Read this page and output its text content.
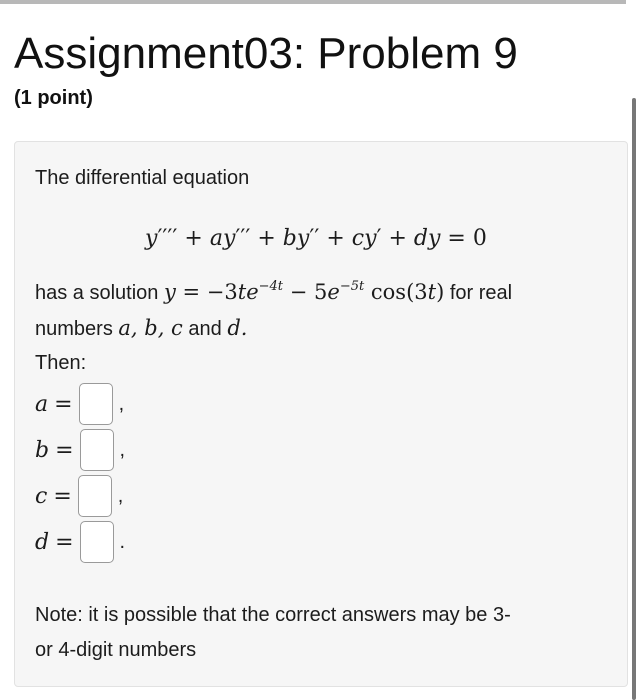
Assignment03: Problem 9
(1 point)
The differential equation
y′′′′ + ay′′′ + by′′ + cy′ + dy = 0
has a solution $y = -3te^{-4t} - 5e^{-5t}$ cos(3t) for real
numbers a, b, c and d.
Then:
a = ,
b = ,
c = ,
d = .
Note: it is possible that the correct answers may be 3-
or 4-digit numbers
